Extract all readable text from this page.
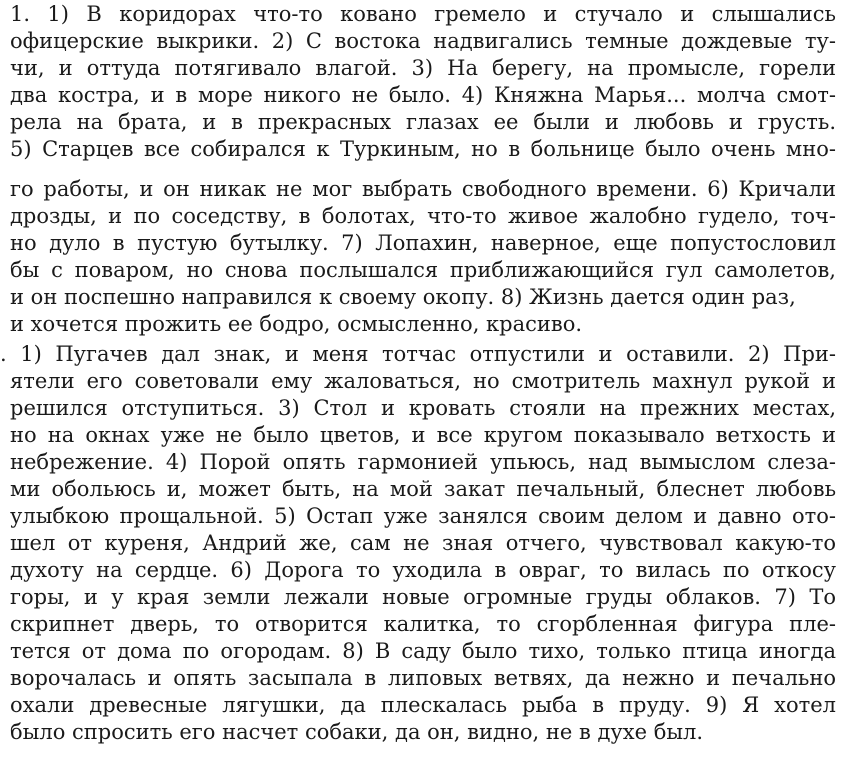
1. 1) В коридорах что-то ковано гремело и стучало и слышались
офицерские выкрики. 2) С востока надвигались темные дождевые ту-
чи, и оттуда потягивало влагой. 3) На берегу, на промысле, горели
два костра, и в море никого не было. 4) Княжна Марья... молча смот-
рела на брата, и в прекрасных глазах ее были и любовь и грусть.
5) Старцев все собирался к Туркиным, но в больнице было очень мно-
го работы, и он никак не мог выбрать свободного времени. 6) Кричали
дрозды, и по соседству, в болотах, что-то живое жалобно гудело, точ-
но дуло в пустую бутылку. 7) Лопахин, наверное, еще попустословил
бы с поваром, но снова послышался приближающийся гул самолетов,
и он поспешно направился к своему окопу. 8) Жизнь дается один раз,
и хочется прожить ее бодро, осмысленно, красиво.
. 1) Пугачев дал знак, и меня тотчас отпустили и оставили. 2) При-
ятели его советовали ему жаловаться, но смотритель махнул рукой и
решился отступиться. 3) Стол и кровать стояли на прежних местах,
но на окнах уже не было цветов, и все кругом показывало ветхость и
небрежение. 4) Порой опять гармонией упьюсь, над вымыслом слеза-
ми обольюсь и, может быть, на мой закат печальный, блеснет любовь
улыбкою прощальной. 5) Остап уже занялся своим делом и давно ото-
шел от куреня, Андрий же, сам не зная отчего, чувствовал какую-то
духоту на сердце. 6) Дорога то уходила в овраг, то вилась по откосу
горы, и у края земли лежали новые огромные груды облаков. 7) То
скрипнет дверь, то отворится калитка, то сгорбленная фигура пле-
тется от дома по огородам. 8) В саду было тихо, только птица иногда
ворочалась и опять засыпала в липовых ветвях, да нежно и печально
охали древесные лягушки, да плескалась рыба в пруду. 9) Я хотел
было спросить его насчет собаки, да он, видно, не в духе был.
